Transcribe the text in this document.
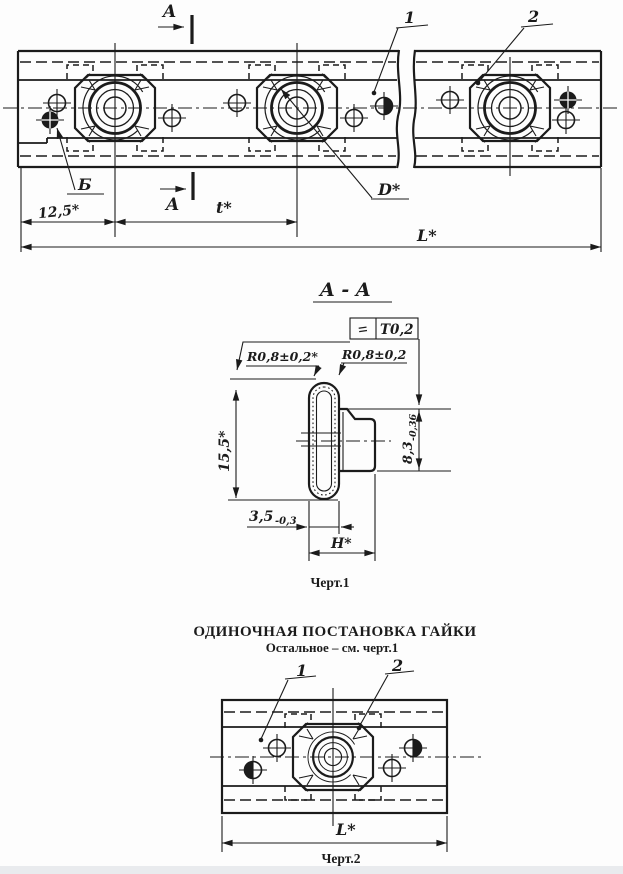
A
A
1	2
Б	D*
12,5*	t*
L*
A - A
= T0,2
R0,8±0,2* R0,8±0,2
15,5*	8,3
-0,36
3,5 -0,3
H*
Черт.1
ОДИНОЧНАЯ ПОСТАНОВКА ГАЙКИ
Остальное – см. черт.1
1	2
L*
Черт.2
